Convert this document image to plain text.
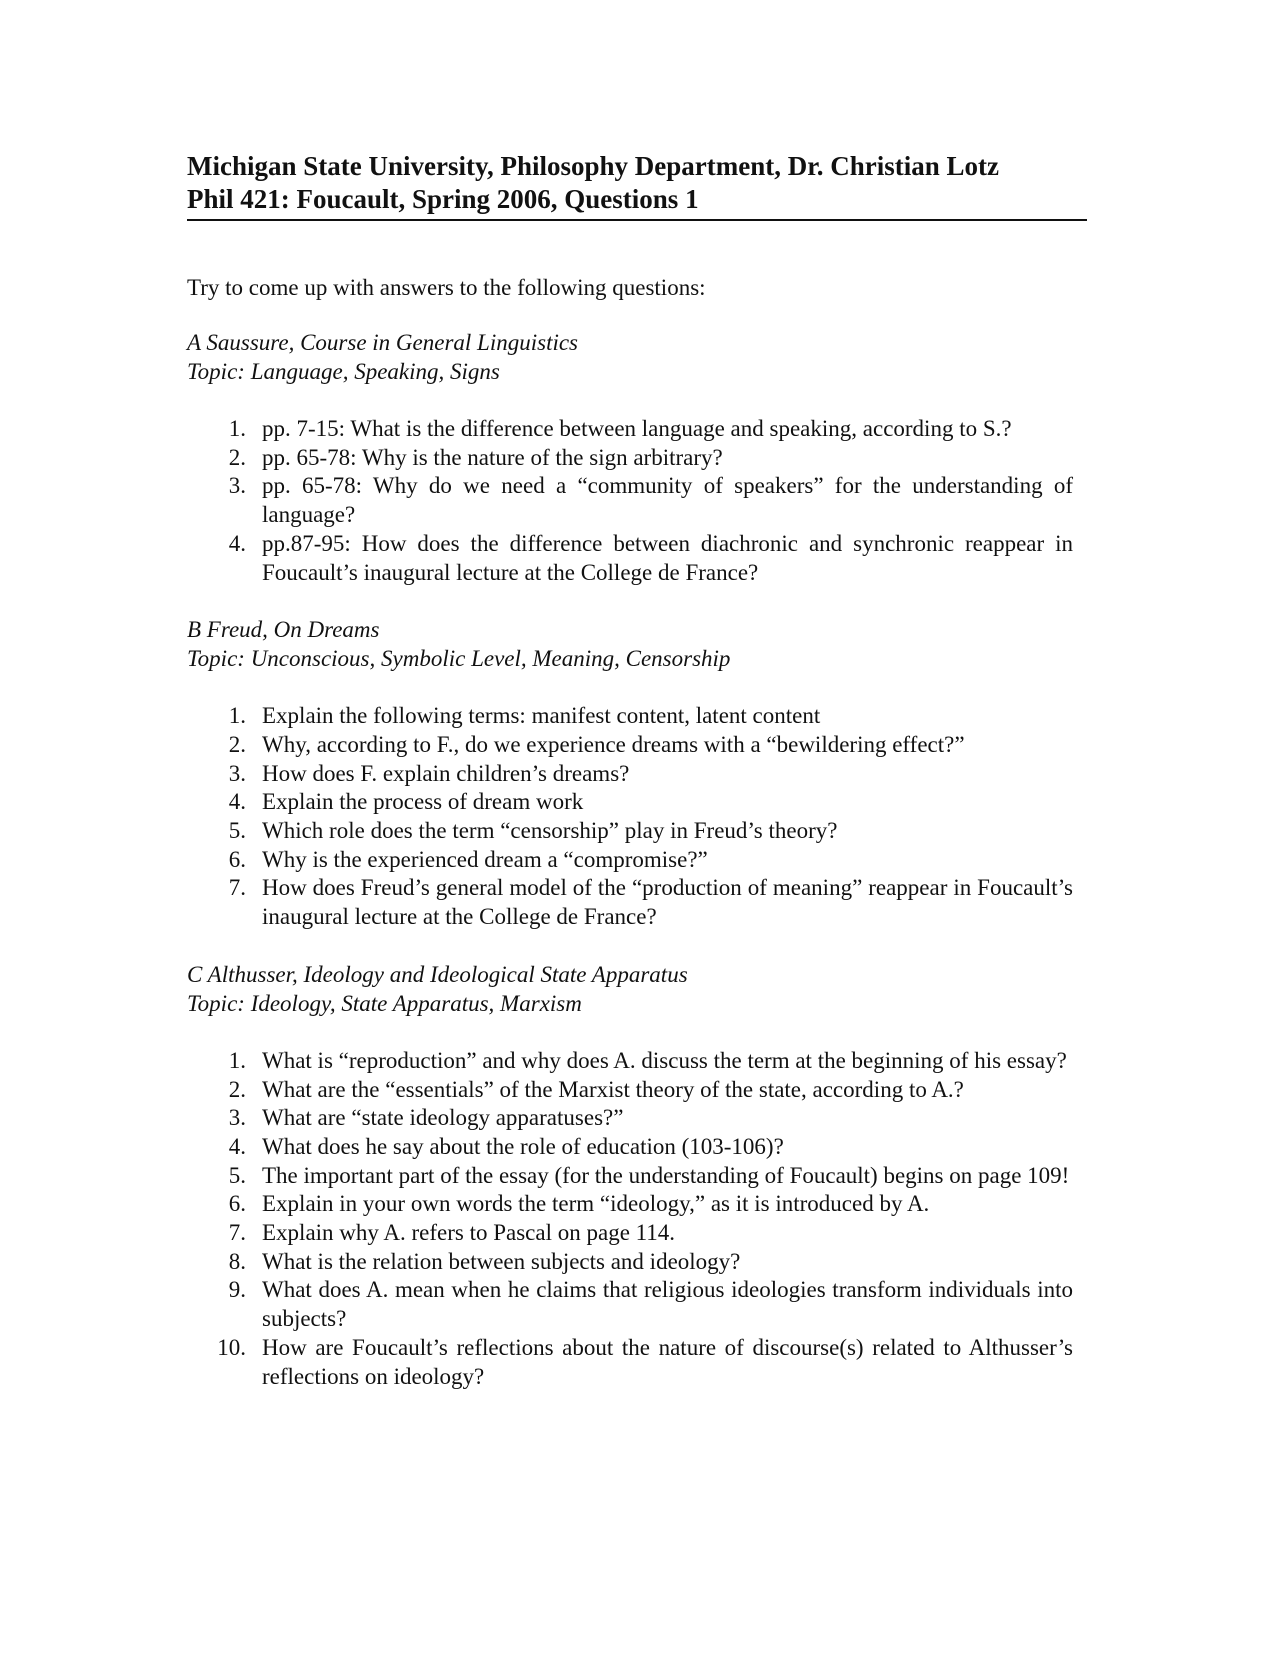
Michigan State University, Philosophy Department, Dr. Christian Lotz
Phil 421: Foucault, Spring 2006, Questions 1
Try to come up with answers to the following questions:
A Saussure, Course in General Linguistics
Topic: Language, Speaking, Signs
1 . pp. 7-15: What is the difference between language and speaking, according to S.?
2 . pp. 65-78: Why is the nature of the sign arbitrary?
3 . pp. 65-78: Why do we need a “community of speakers” for the understanding of language?
4 . pp.87-95: How does the difference between diachronic and synchronic reappear in Foucault’s inaugural lecture at the College de France?
B Freud, On Dreams
Topic: Unconscious, Symbolic Level, Meaning, Censorship
1 . Explain the following terms: manifest content, latent content
2 . Why, according to F., do we experience dreams with a “bewildering effect?”
3 . How does F. explain children’s dreams?
4 . Explain the process of dream work
5 . Which role does the term “censorship” play in Freud’s theory?
6 . Why is the experienced dream a “compromise?”
7 . How does Freud’s general model of the “production of meaning” reappear in Foucault’s inaugural lecture at the College de France?
C Althusser, Ideology and Ideological State Apparatus
Topic: Ideology, State Apparatus, Marxism
1 . What is “reproduction” and why does A. discuss the term at the beginning of his essay?
2 . What are the “essentials” of the Marxist theory of the state, according to A.?
3 . What are “state ideology apparatuses?”
4 . What does he say about the role of education (103-106)?
5 . The important part of the essay (for the understanding of Foucault) begins on page 109!
6 . Explain in your own words the term “ideology,” as it is introduced by A.
7 . Explain why A. refers to Pascal on page 114.
8 . What is the relation between subjects and ideology?
9 . What does A. mean when he claims that religious ideologies transform individuals into subjects?
10 . How are Foucault’s reflections about the nature of discourse(s) related to Althusser’s reflections on ideology?
